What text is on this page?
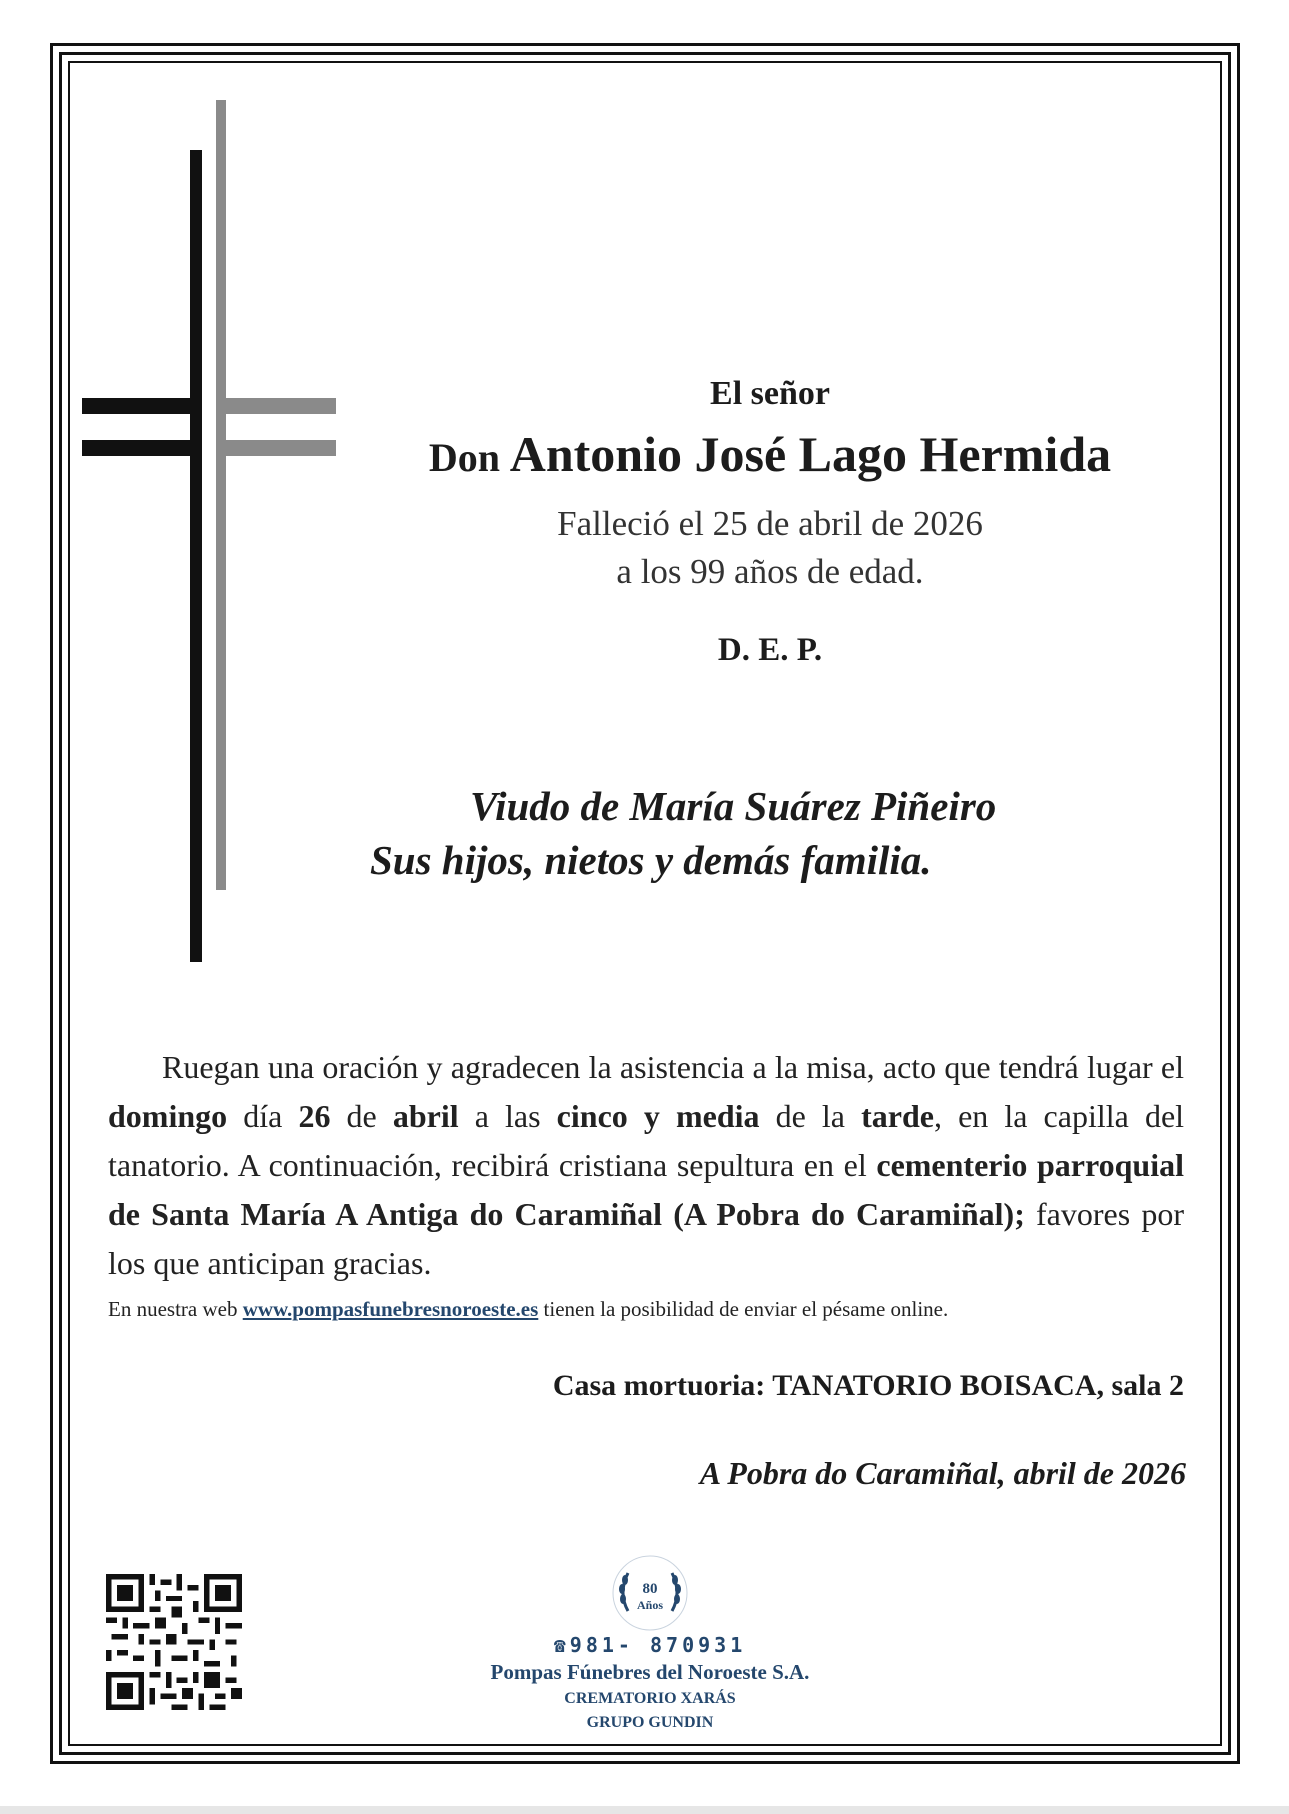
El señor
Don Antonio José Lago Hermida
Falleció el 25 de abril de 2026
a los 99 años de edad.
D. E. P.
Viudo de María Suárez Piñeiro
Sus hijos, nietos y demás familia.
Ruegan una oración y agradecen la asistencia a la misa, acto que tendrá lugar el domingo día 26 de abril a las cinco y media de la tarde, en la capilla del tanatorio. A continuación, recibirá cristiana sepultura en el cementerio parroquial de Santa María A Antiga do Caramiñal (A Pobra do Caramiñal); favores por los que anticipan gracias.
En nuestra web www.pompasfunebresnoroeste.es tienen la posibilidad de enviar el pésame online.
Casa mortuoria: TANATORIO BOISACA, sala 2
A Pobra do Caramiñal, abril de 2026
80
Años
☎981- 870931
Pompas Fúnebres del Noroeste S.A.
CREMATORIO XARÁS
GRUPO GUNDIN
